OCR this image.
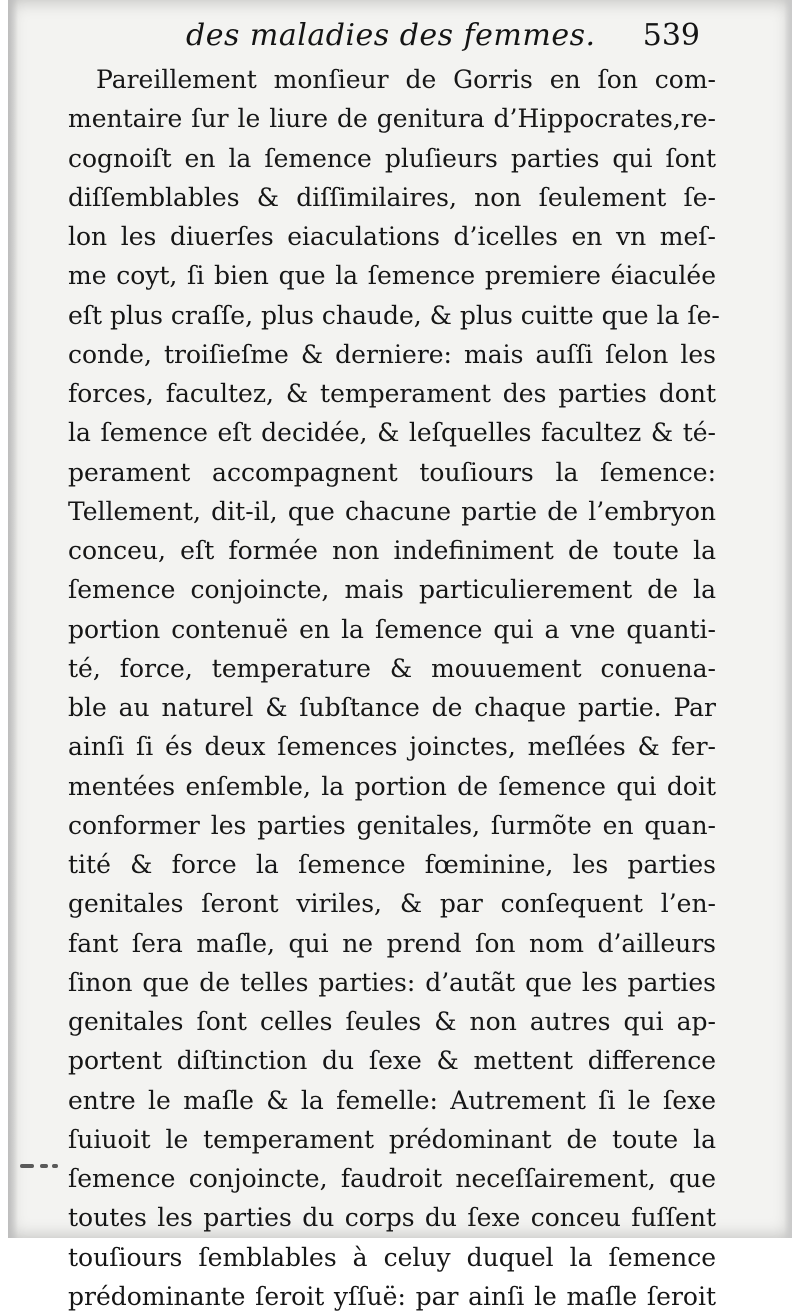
des maladies des femmes. 539
Pareillement monſieur de Gorris en ſon com-
mentaire ſur le liure de genitura d’Hippocrates,re-
cognoiſt en la ſemence pluſieurs parties qui ſont
diſſemblables & diſſimilaires, non ſeulement ſe-
lon les diuerſes eiaculations d’icelles en vn meſ-
me coyt, ſi bien que la ſemence premiere éiaculée
eſt plus craſſe, plus chaude, & plus cuitte que la ſe-
conde, troiſieſme & derniere: mais auſſi ſelon les
forces, facultez, & temperament des parties dont
la ſemence eſt decidée, & leſquelles facultez & té-
perament accompagnent touſiours la ſemence:
Tellement, dit-il, que chacune partie de l’embryon
conceu, eſt formée non indefiniment de toute la
ſemence conjoincte, mais particulierement de la
portion contenuë en la ſemence qui a vne quanti-
té, force, temperature & mouuement conuena-
ble au naturel & ſubſtance de chaque partie. Par
ainſi ſi és deux ſemences joinctes, meſlées & fer-
mentées enſemble, la portion de ſemence qui doit
conformer les parties genitales, ſurmõte en quan-
tité & force la ſemence fœminine, les parties
genitales ſeront viriles, & par conſequent l’en-
fant ſera maſle, qui ne prend ſon nom d’ailleurs
ſinon que de telles parties: d’autãt que les parties
genitales ſont celles ſeules & non autres qui ap-
portent diſtinction du ſexe & mettent difference
entre le maſle & la femelle: Autrement ſi le ſexe
ſuiuoit le temperament prédominant de toute la
ſemence conjoincte, faudroit neceſſairement, que
toutes les parties du corps du ſexe conceu fuſſent
touſiours ſemblables à celuy duquel la ſemence
prédominante ſeroit yſſuë: par ainſi le maſle ſeroit
